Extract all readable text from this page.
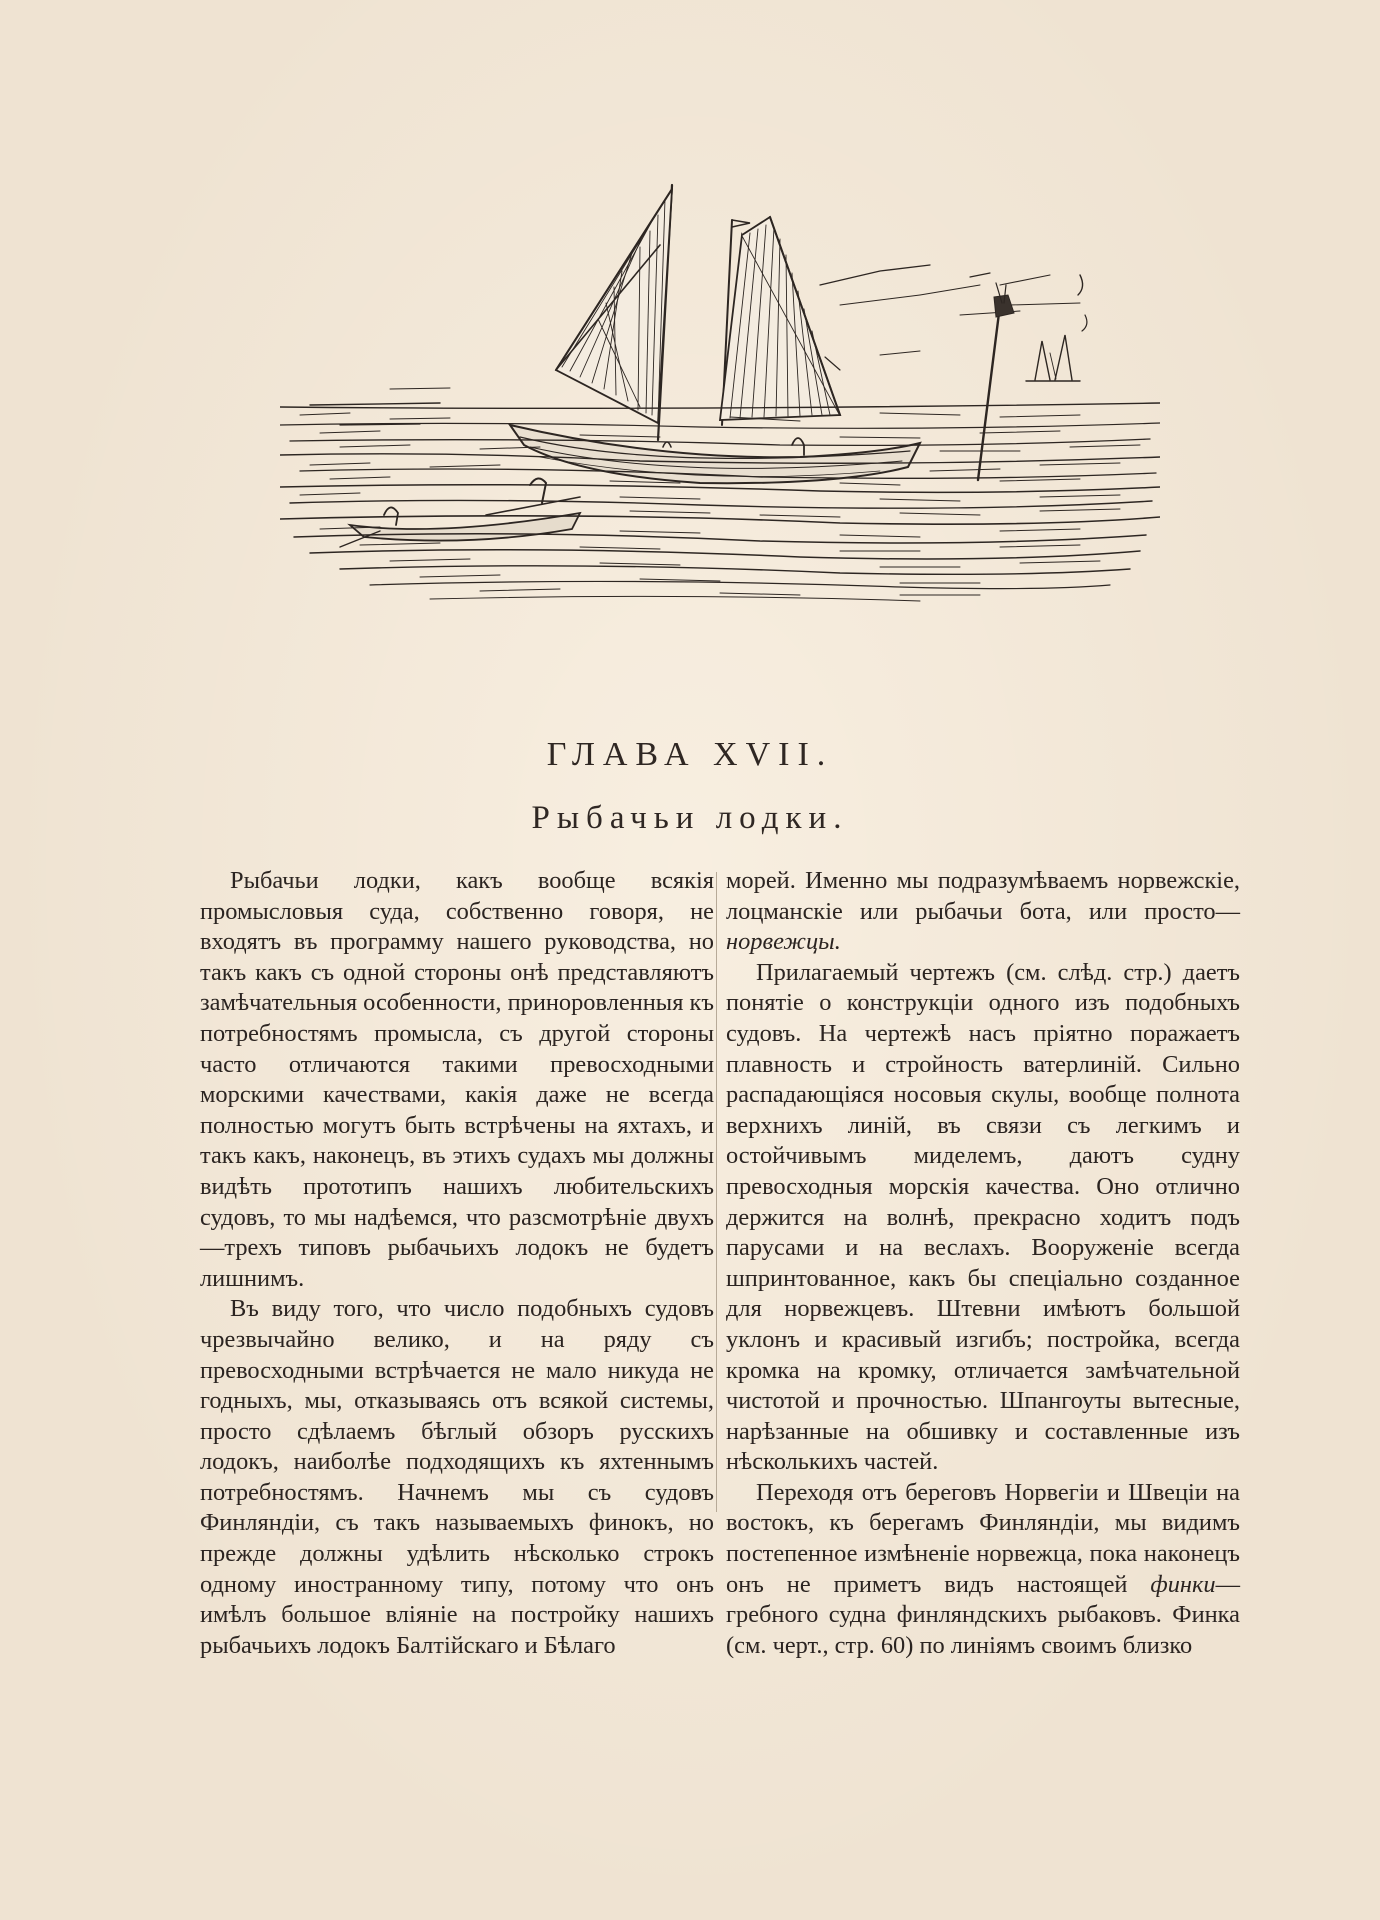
ГЛАВА XVII.
Рыбачьи лодки.

Рыбачьи лодки, какъ вообще всякія промысловыя суда, собственно говоря, не входятъ въ программу нашего руководства, но такъ какъ съ одной стороны онѣ представляютъ замѣчательныя особенности, приноровленныя къ потребностямъ промысла, съ другой стороны часто отличаются такими превосходными морскими качествами, какія даже не всегда полностью могутъ быть встрѣчены на яхтахъ, и такъ какъ, наконецъ, въ этихъ судахъ мы должны видѣть прототипъ нашихъ любительскихъ судовъ, то мы надѣемся, что разсмотрѣніе двухъ—трехъ типовъ рыбачьихъ лодокъ не будетъ лишнимъ.

Въ виду того, что число подобныхъ судовъ чрезвычайно велико, и на ряду съ превосходными встрѣчается не мало никуда не годныхъ, мы, отказываясь отъ всякой системы, просто сдѣлаемъ бѣглый обзоръ русскихъ лодокъ, наиболѣе подходящихъ къ яхтеннымъ потребностямъ. Начнемъ мы съ судовъ Финляндіи, съ такъ называемыхъ финокъ, но прежде должны удѣлить нѣсколько строкъ одному иностранному типу, потому что онъ имѣлъ большое вліяніе на постройку нашихъ рыбачьихъ лодокъ Балтійскаго и Бѣлаго

морей. Именно мы подразумѣваемъ норвежскіе, лоцманскіе или рыбачьи бота, или просто—норвежцы.

Прилагаемый чертежъ (см. слѣд. стр.) даетъ понятіе о конструкціи одного изъ подобныхъ судовъ. На чертежѣ насъ пріятно поражаетъ плавность и стройность ватерлиній. Сильно распадающіяся носовыя скулы, вообще полнота верхнихъ линій, въ связи съ легкимъ и остойчивымъ миделемъ, даютъ судну превосходныя морскія качества. Оно отлично держится на волнѣ, прекрасно ходитъ подъ парусами и на веслахъ. Вооруженіе всегда шпринтованное, какъ бы спеціально созданное для норвежцевъ. Штевни имѣютъ большой уклонъ и красивый изгибъ; постройка, всегда кромка на кромку, отличается замѣчательной чистотой и прочностью. Шпангоуты вытесные, нарѣзанные на обшивку и составленные изъ нѣсколькихъ частей.

Переходя отъ береговъ Норвегіи и Швеціи на востокъ, къ берегамъ Финляндіи, мы видимъ постепенное измѣненіе норвежца, пока наконецъ онъ не приметъ видъ настоящей финки—гребного судна финляндскихъ рыбаковъ. Финка (см. черт., стр. 60) по линіямъ своимъ близко
